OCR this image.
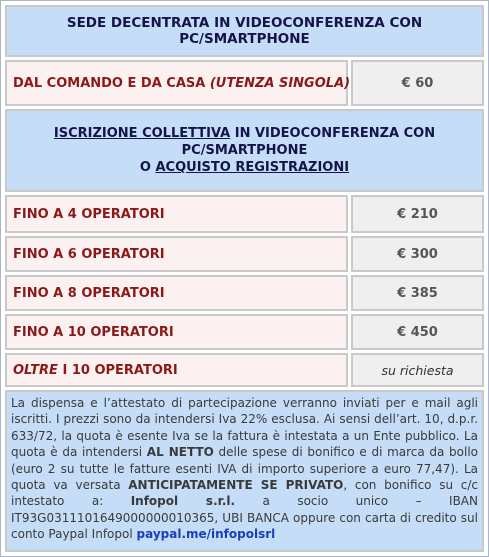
SEDE DECENTRATA IN VIDEOCONFERENZA CON PC/SMARTPHONE
DAL COMANDO E DA CASA (UTENZA SINGOLA)	€ 60
ISCRIZIONE COLLETTIVA IN VIDEOCONFERENZA CON
PC/SMARTPHONE
O ACQUISTO REGISTRAZIONI
FINO A 4 OPERATORI	€ 210
FINO A 6 OPERATORI	€ 300
FINO A 8 OPERATORI	€ 385
FINO A 10 OPERATORI	€ 450
OLTRE I 10 OPERATORI	su richiesta
La dispensa e l’attestato di partecipazione verranno inviati per e mail agli iscritti. I prezzi sono da intendersi Iva 22% esclusa. Ai sensi dell’art. 10, d.p.r. 633/72, la quota è esente Iva se la fattura è intestata a un Ente pubblico. La quota è da intendersi AL NETTO delle spese di bonifico e di marca da bollo (euro 2 su tutte le fatture esenti IVA di importo superiore a euro 77,47). La quota va versata ANTICIPATAMENTE SE PRIVATO, con bonifico su c/c intestato a: Infopol s.r.l. a socio unico – IBAN IT93G0311101649000000010365, UBI BANCA oppure con carta di credito sul conto Paypal Infopol paypal.me/infopolsrl
